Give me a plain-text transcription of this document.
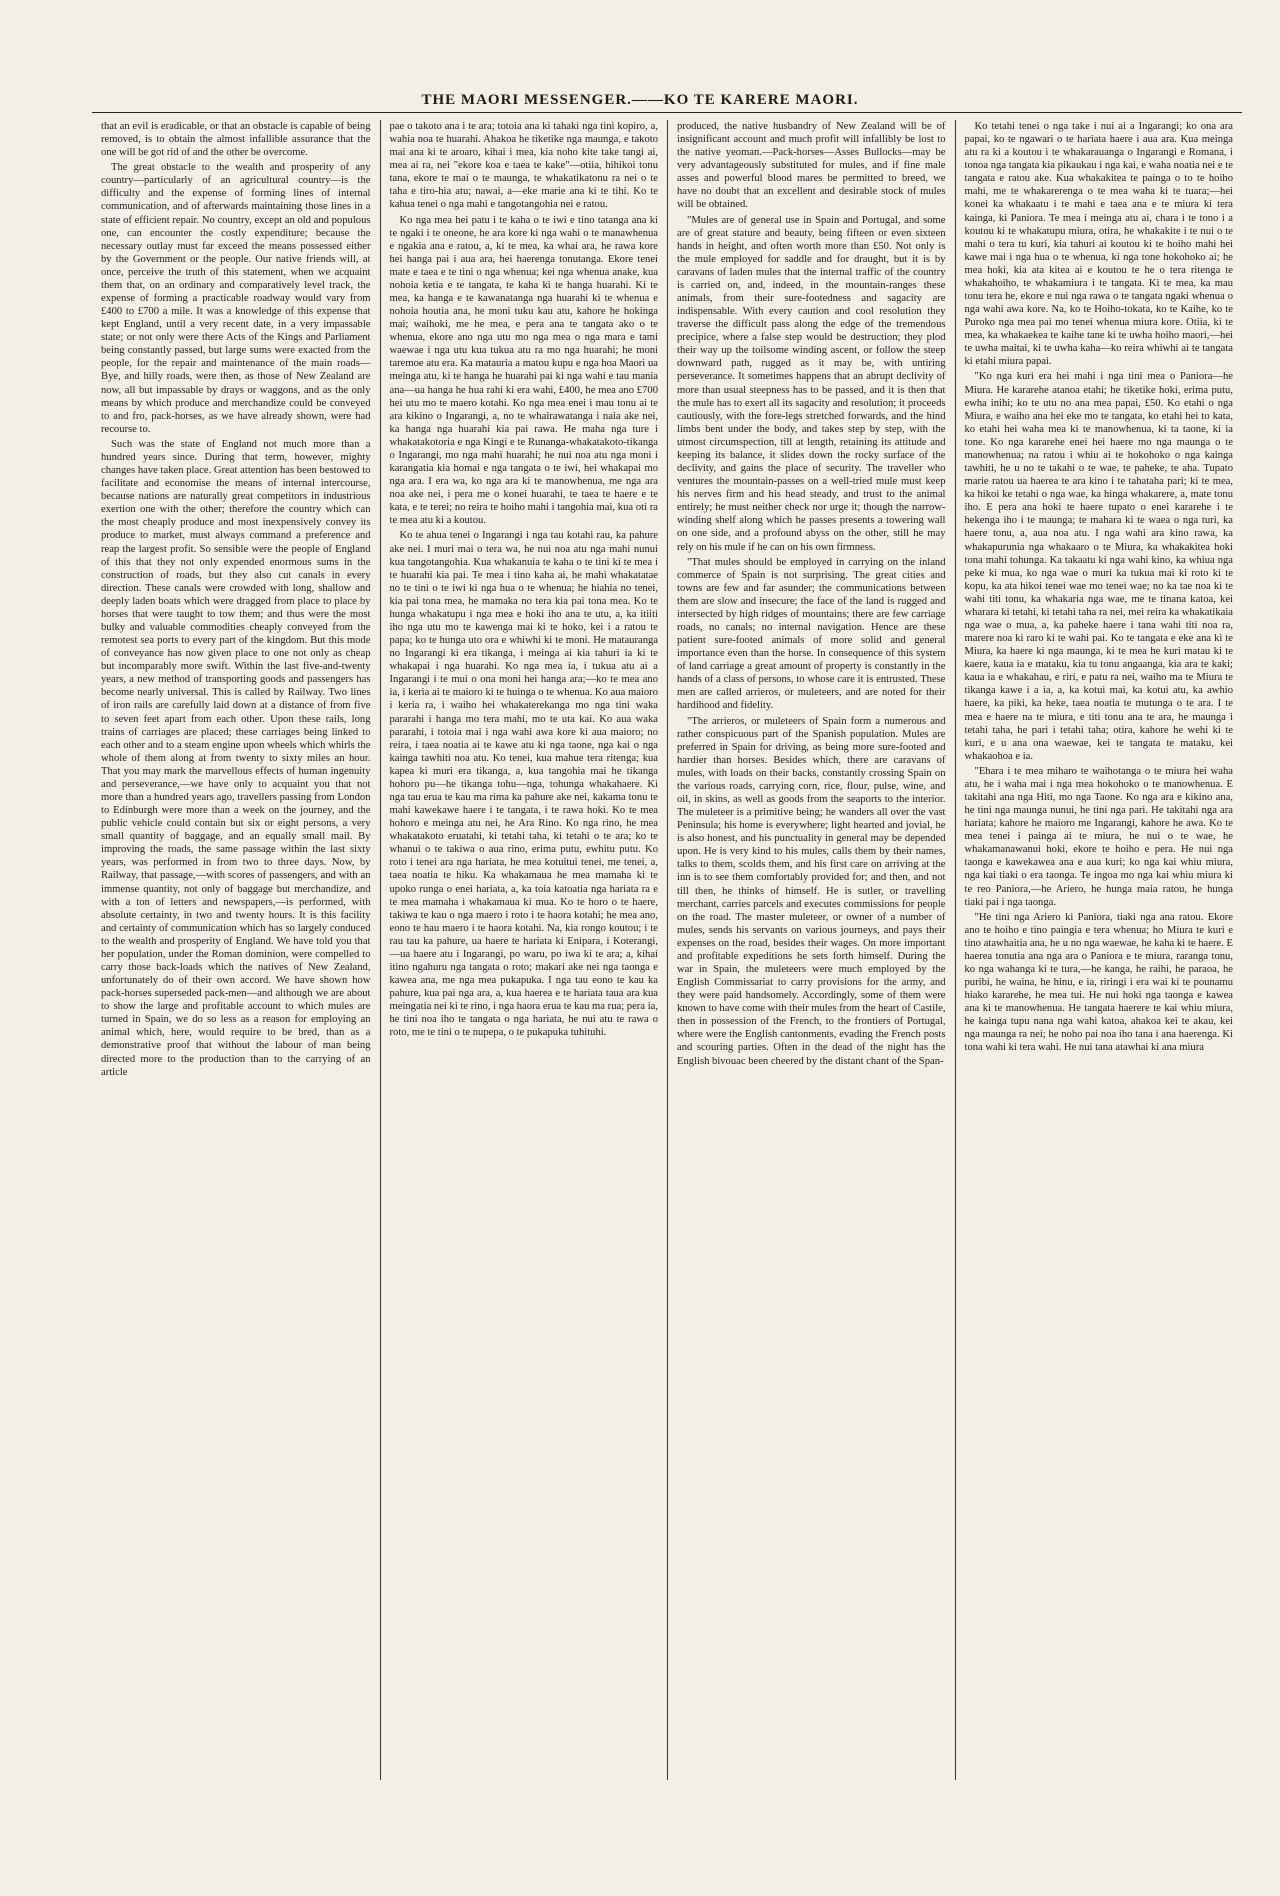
THE MAORI MESSENGER.——KO TE KARERE MAORI.

that an evil is eradicable, or that an obstacle is capable of being removed, is to obtain the almost infallible assurance that the one will be got rid of and the other be overcome.

The great obstacle to the wealth and prosperity of any country—particularly of an agricultural country—is the difficulty and the expense of forming lines of internal communication, and of afterwards maintaining those lines in a state of efficient repair. No country, except an old and populous one, can encounter the costly expenditure; because the necessary outlay must far exceed the means possessed either by the Government or the people. Our native friends will, at once, perceive the truth of this statement, when we acquaint them that, on an ordinary and comparatively level track, the expense of forming a practicable roadway would vary from £400 to £700 a mile. It was a knowledge of this expense that kept England, until a very recent date, in a very impassable state; or not only were there Acts of the Kings and Parliament being constantly passed, but large sums were exacted from the people, for the repair and maintenance of the main roads—Bye, and hilly roads, were then, as those of New Zealand are now, all but impassable by drays or waggons, and as the only means by which produce and merchandize could be conveyed to and fro, pack-horses, as we have already shown, were had recourse to.

Such was the state of England not much more than a hundred years since. During that term, however, mighty changes have taken place. Great attention has been bestowed to facilitate and economise the means of internal intercourse, because nations are naturally great competitors in industrious exertion one with the other; therefore the country which can the most cheaply produce and most inexpensively convey its produce to market, must always command a preference and reap the largest profit. So sensible were the people of England of this that they not only expended enormous sums in the construction of roads, but they also cut canals in every direction. These canals were crowded with long, shallow and deeply laden boats which were dragged from place to place by horses that were taught to tow them; and thus were the most bulky and valuable commodities cheaply conveyed from the remotest sea ports to every part of the kingdom. But this mode of conveyance has now given place to one not only as cheap but incomparably more swift. Within the last five-and-twenty years, a new method of transporting goods and passengers has become nearly universal. This is called by Railway. Two lines of iron rails are carefully laid down at a distance of from five to seven feet apart from each other. Upon these rails, long trains of carriages are placed; these carriages being linked to each other and to a steam engine upon wheels which whirls the whole of them along at from twenty to sixty miles an hour. That you may mark the marvellous effects of human ingenuity and perseverance,—we have only to acquaint you that not more than a hundred years ago, travellers passing from London to Edinburgh were more than a week on the journey, and the public vehicle could contain but six or eight persons, a very small quantity of baggage, and an equally small mail. By improving the roads, the same passage within the last sixty years, was performed in from two to three days. Now, by Railway, that passage,—with scores of passengers, and with an immense quantity, not only of baggage but merchandize, and with a ton of letters and newspapers,—is performed, with absolute certainty, in two and twenty hours. It is this facility and certainty of communication which has so largely conduced to the wealth and prosperity of England. We have told you that her population, under the Roman dominion, were compelled to carry those back-loads which the natives of New Zealand, unfortunately do of their own accord. We have shown how pack-horses superseded pack-men—and although we are about to show the large and profitable account to which mules are turned in Spain, we do so less as a reason for employing an animal which, here, would require to be bred, than as a demonstrative proof that without the labour of man being directed more to the production than to the carrying of an article

pae o takoto ana i te ara; totoia ana ki tahaki nga tini kopiro, a, wahia noa te huarahi. Ahakoa he tiketike nga maunga, e takoto mai ana ki te aroaro, kihai i mea, kia noho kite take tangi ai, mea ai ra, nei "ekore koa e taea te kake"—otiia, hihikoi tonu tana, ekore te mai o te maunga, te whakatikatonu ra nei o te taha e tiro-hia atu; nawai, a—eke marie ana ki te tihi. Ko te kahua tenei o nga mahi e tangotangohia nei e ratou.

Ko nga mea hei patu i te kaha o te iwi e tino tatanga ana ki te ngaki i te oneone, he ara kore ki nga wahi o te manawhenua e ngakia ana e ratou, a, ki te mea, ka whai ara, he rawa kore hei hanga pai i aua ara, hei haerenga tonutanga. Ekore tenei mate e taea e te tini o nga whenua; kei nga whenua anake, kua nohoia ketia e te tangata, te kaha ki te hanga huarahi. Ki te mea, ka hanga e te kawanatanga nga huarahi ki te whenua e nohoia houtia ana, he moni tuku kau atu, kahore he hokinga mai; waihoki, me he mea, e pera ana te tangata ako o te whenua, ekore ano nga utu mo nga mea o nga mara e tami waewae i nga utu kua tukua atu ra mo nga huarahi; he moni taremoe atu era. Ka matauria a matou kupu e nga hoa Maori ua meinga atu, ki te hanga he huarahi pai ki nga wahi e tau mania ana—ua hanga he hua rahi ki era wahi, £400, he mea ano £700 hei utu mo te maero kotahi. Ko nga mea enei i mau tonu ai te ara kikino o Ingarangi, a, no te whairawatanga i naia ake nei, ka hanga nga huarahi kia pai rawa. He maha nga ture i whakatakotoria e nga Kingi e te Runanga-whakatakoto-tikanga o Ingarangi, mo nga mahi huarahi; he nui noa atu nga moni i karangatia kia homai e nga tangata o te iwi, hei whakapai mo nga ara. I era wa, ko nga ara ki te manowhenua, me nga ara noa ake nei, i pera me o konei huarahi, te taea te haere e te kata, e te terei; no reira te hoiho mahi i tangohia mai, kua oti ra te mea atu ki a koutou.

Ko te ahua tenei o Ingarangi i nga tau kotahi rau, ka pahure ake nei. I muri mai o tera wa, he nui noa atu nga mahi nunui kua tangotangohia. Kua whakanuia te kaha o te tini ki te mea i te huarahi kia pai. Te mea i tino kaha ai, he mahi whakatatae no te tini o te iwi ki nga hua o te whenua; he hiahia no tenei, kia pai tona mea, he mamaka no tera kia pai tona mea. Ko te hunga whakatupu i nga mea e hoki iho ana te utu, a, ka itiiti iho nga utu mo te kawenga mai ki te hoko, kei i a ratou te papa; ko te hunga uto ora e whiwhi ki te moni. He matauranga no Ingarangi ki era tikanga, i meinga ai kia tahuri ia ki te whakapai i nga huarahi. Ko nga mea ia, i tukua atu ai a Ingarangi i te mui o ona moni hei hanga ara;—ko te mea ano ia, i keria ai te maioro ki te huinga o te whenua. Ko aua maioro i keria ra, i waiho hei whakaterekanga mo nga tini waka pararahi i hanga mo tera mahi, mo te uta kai. Ko aua waka pararahi, i totoia mai i nga wahi awa kore ki aua maioro; no reira, i taea noatia ai te kawe atu ki nga taone, nga kai o nga kainga tawhiti noa atu. Ko tenei, kua mahue tera ritenga; kua kapea ki muri era tikanga, a, kua tangohia mai he tikanga hohoro pu—he tikanga tohu—nga, tohunga whakahaere. Ki nga tau erua te kau ma rima ka pahure ake nei, kakama tonu te mahi kawekawe haere i te tangata, i te rawa hoki. Ko te mea hohoro e meinga atu nei, he Ara Rino. Ko nga rino, he mea whakatakoto eruatahi, ki tetahi taha, ki tetahi o te ara; ko te whanui o te takiwa o aua rino, erima putu, ewhitu putu. Ko roto i tenei ara nga hariata, he mea kotuitui tenei, me tenei, a, taea noatia te hiku. Ka whakamaua he mea mamaha ki te upoko runga o enei hariata, a, ka toia katoatia nga hariata ra e te mea mamaha i whakamaua ki mua. Ko te horo o te haere, takiwa te kau o nga maero i roto i te haora kotahi; he mea ano, eono te hau maero i te haora kotahi. Na, kia rongo koutou; i te rau tau ka pahure, ua haere te hariata ki Enipara, i Koterangi, —ua haere atu i Ingarangi, po waru, po iwa ki te ara; a, kihai itino ngahuru nga tangata o roto; makari ake nei nga taonga e kawea ana, me nga mea pukapuka. I nga tau eono te kau ka pahure, kua pai nga ara, a, kua haerea e te hariata taua ara kua meingatia nei ki te rino, i nga haora erua te kau ma rua; pera ia, he tini noa iho te tangata o nga hariata, he nui atu te rawa o roto, me te tini o te nupepa, o te pukapuka tuhituhi.

produced, the native husbandry of New Zealand will be of insignificant account and much profit will infallibly be lost to the native yeoman.—Pack-horses—Asses Bullocks—may be very advantageously substituted for mules, and if fine male asses and powerful blood mares be permitted to breed, we have no doubt that an excellent and desirable stock of mules will be obtained.

"Mules are of general use in Spain and Portugal, and some are of great stature and beauty, being fifteen or even sixteen hands in height, and often worth more than £50. Not only is the mule employed for saddle and for draught, but it is by caravans of laden mules that the internal traffic of the country is carried on, and, indeed, in the mountain-ranges these animals, from their sure-footedness and sagacity are indispensable. With every caution and cool resolution they traverse the difficult pass along the edge of the tremendous precipice, where a false step would be destruction; they plod their way up the toilsome winding ascent, or follow the steep downward path, rugged as it may be, with untiring perseverance. It sometimes happens that an abrupt declivity of more than usual steepness has to be passed, and it is then that the mule has to exert all its sagacity and resolution; it proceeds cautiously, with the fore-legs stretched forwards, and the hind limbs bent under the body, and takes step by step, with the utmost circumspection, till at length, retaining its attitude and keeping its balance, it slides down the rocky surface of the declivity, and gains the place of security. The traveller who ventures the mountain-passes on a well-tried mule must keep his nerves firm and his head steady, and trust to the animal entirely; he must neither check nor urge it; though the narrow-winding shelf along which he passes presents a towering wall on one side, and a profound abyss on the other, still he may rely on his mule if he can on his own firmness.

"That mules should be employed in carrying on the inland commerce of Spain is not surprising. The great cities and towns are few and far asunder; the communications between them are slow and insecure; the face of the land is rugged and intersected by high ridges of mountains; there are few carriage roads, no canals; no internal navigation. Hence are these patient sure-footed animals of more solid and general importance even than the horse. In consequence of this system of land carriage a great amount of property is constantly in the hands of a class of persons, to whose care it is entrusted. These men are called arrieros, or muleteers, and are noted for their hardihood and fidelity.

"The arrieros, or muleteers of Spain form a numerous and rather conspicuous part of the Spanish population. Mules are preferred in Spain for driving, as being more sure-footed and hardier than horses. Besides which, there are caravans of mules, with loads on their backs, constantly crossing Spain on the various roads, carrying corn, rice, flour, pulse, wine, and oil, in skins, as well as goods from the seaports to the interior. The muleteer is a primitive being; he wanders all over the vast Peninsula; his home is everywhere; light hearted and jovial, he is also honest, and his punctuality in general may be depended upon. He is very kind to his mules, calls them by their names, talks to them, scolds them, and his first care on arriving at the inn is to see them comfortably provided for; and then, and not till then, he thinks of himself. He is sutler, or travelling merchant, carries parcels and executes commissions for people on the road. The master muleteer, or owner of a number of mules, sends his servants on various journeys, and pays their expenses on the road, besides their wages. On more important and profitable expeditions he sets forth himself. During the war in Spain, the muleteers were much employed by the English Commissariat to carry provisions for the army, and they were paid handsomely. Accordingly, some of them were known to have come with their mules from the heart of Castile, then in possession of the French, to the frontiers of Portugal, where were the English cantonments, evading the French posts and scouring parties. Often in the dead of the night has the English bivouac been cheered by the distant chant of the Span-

Ko tetahi tenei o nga take i nui ai a Ingarangi; ko ona ara papai, ko te ngawari o te hariata haere i aua ara. Kua meinga atu ra ki a koutou i te whakarauanga o Ingarangi e Romana, i tonoa nga tangata kia pikaukau i nga kai, e waha noatia nei e te tangata e ratou ake. Kua whakakitea te painga o to te hoiho mahi, me te whakarerenga o te mea waha ki te tuara;—hei konei ka whakaatu i te mahi e taea ana e te miura ki tera kainga, ki Paniora. Te mea i meinga atu ai, chara i te tono i a koutou ki te whakatupu miura, otira, he whakakite i te nui o te mahi o tera tu kuri, kia tahuri ai koutou ki te hoiho mahi hei kawe mai i nga hua o te whenua, ki nga tone hokohoko ai; he mea hoki, kia ata kitea ai e koutou te he o tera ritenga te whakahoiho, te whakamiura i te tangata. Ki te mea, ka mau tonu tera he, ekore e nui nga rawa o te tangata ngaki whenua o nga wahi awa kore. Na, ko te Hoiho-tokata, ko te Kaihe, ko te Puroko nga mea pai mo tenei whenua miura kore. Otiia, ki te mea, ka whakaekea te kaihe tane ki te uwha hoiho maori,—hei te uwha maitai, ki te uwha kaha—ko reira whiwhi ai te tangata ki etahi miura papai.

"Ko nga kuri era hei mahi i nga tini mea o Paniora—he Miura. He kararehe atanoa etahi; he tiketike hoki, erima putu, ewha inihi; ko te utu no ana mea papai, £50. Ko etahi o nga Miura, e waiho ana hei eke mo te tangata, ko etahi hei to kata, ko etahi hei waha mea ki te manowhenua, ki ta taone, ki ia tone. Ko nga kararehe enei hei haere mo nga maunga o te manowhenua; na ratou i whiu ai te hokohoko o nga kainga tawhiti, he u no te takahi o te wae, te paheke, te aha. Tupato marie ratou ua haerea te ara kino i te tahataha pari; ki te mea, ka hikoi ke tetahi o nga wae, ka hinga whakarere, a, mate tonu iho. E pera ana hoki te haere tupato o enei kararehe i te hekenga iho i te maunga; te mahara ki te waea o nga turi, ka haere tonu, a, aua noa atu. I nga wahi ara kino rawa, ka whakapurunia nga whakaaro o te Miura, ka whakakitea hoki tona mahi tohunga. Ka takaatu ki nga wahi kino, ka whiua nga peke ki mua, ko nga wae o muri ka tukua mai ki roto ki te kopu, ka ata hikoi tenei wae mo tenei wae; no ka tae noa ki te wahi titi tonu, ka whakaria nga wae, me te tinana katoa, kei wharara ki tetahi, ki tetahi taha ra nei, mei reira ka whakatikaia nga wae o mua, a, ka paheke haere i tana wahi titi noa ra, marere noa ki raro ki te wahi pai. Ko te tangata e eke ana ki te Miura, ka haere ki nga maunga, ki te mea he kuri matau ki te kaere, kaua ia e mataku, kia tu tonu angaanga, kia ara te kaki; kaua ia e whakahau, e riri, e patu ra nei, waiho ma te Miura te tikanga kawe i a ia, a, ka kotui mai, ka kotui atu, ka awhio haere, ka piki, ka heke, taea noatia te mutunga o te ara. I te mea e haere na te miura, e titi tonu ana te ara, he maunga i tetahi taha, he pari i tetahi taha; otira, kahore he wehi ki te kuri, e u ana ona waewae, kei te tangata te mataku, kei whakaohoa e ia.

"Ehara i te mea miharo te waihotanga o te miura hei waha atu, he i waha mai i nga mea hokohoko o te manowhenua. E takitahi ana nga Hiti, mo nga Taone. Ko nga ara e kikino ana, he tini nga maunga nunui, he tini nga pari. He takitahi nga ara hariata; kahore he maioro me Ingarangi, kahore he awa. Ko te mea tenei i painga ai te miura, he nui o te wae, he whakamanawanui hoki, ekore te hoiho e pera. He nui nga taonga e kawekawea ana e aua kuri; ko nga kai whiu miura, nga kai tiaki o era taonga. Te ingoa mo nga kai whiu miura ki te reo Paniora,—he Ariero, he hunga maia ratou, he hunga tiaki pai i nga taonga.

"He tini nga Ariero ki Paniora, tiaki nga ana ratou. Ekore ano te hoiho e tino paingia e tera whenua; ho Miura te kuri e tino atawhaitia ana, he u no nga waewae, he kaha ki te haere. E haerea tonutia ana nga ara o Paniora e te miura, raranga tonu, ko nga wahanga ki te tura,—he kanga, he raihi, he paraoa, he puribi, he waina, he hinu, e ia, riringi i era wai ki te pounamu hiako kararehe, he mea tui. He nui hoki nga taonga e kawea ana ki te manowhenua. He tangata haerere te kai whiu miura, he kainga tupu nana nga wahi katoa, ahakoa kei te akau, kei nga maunga ra nei; he noho pai noa iho tana i ana haerenga. Ki tona wahi ki tera wahi. He nui tana atawhai ki ana miura
